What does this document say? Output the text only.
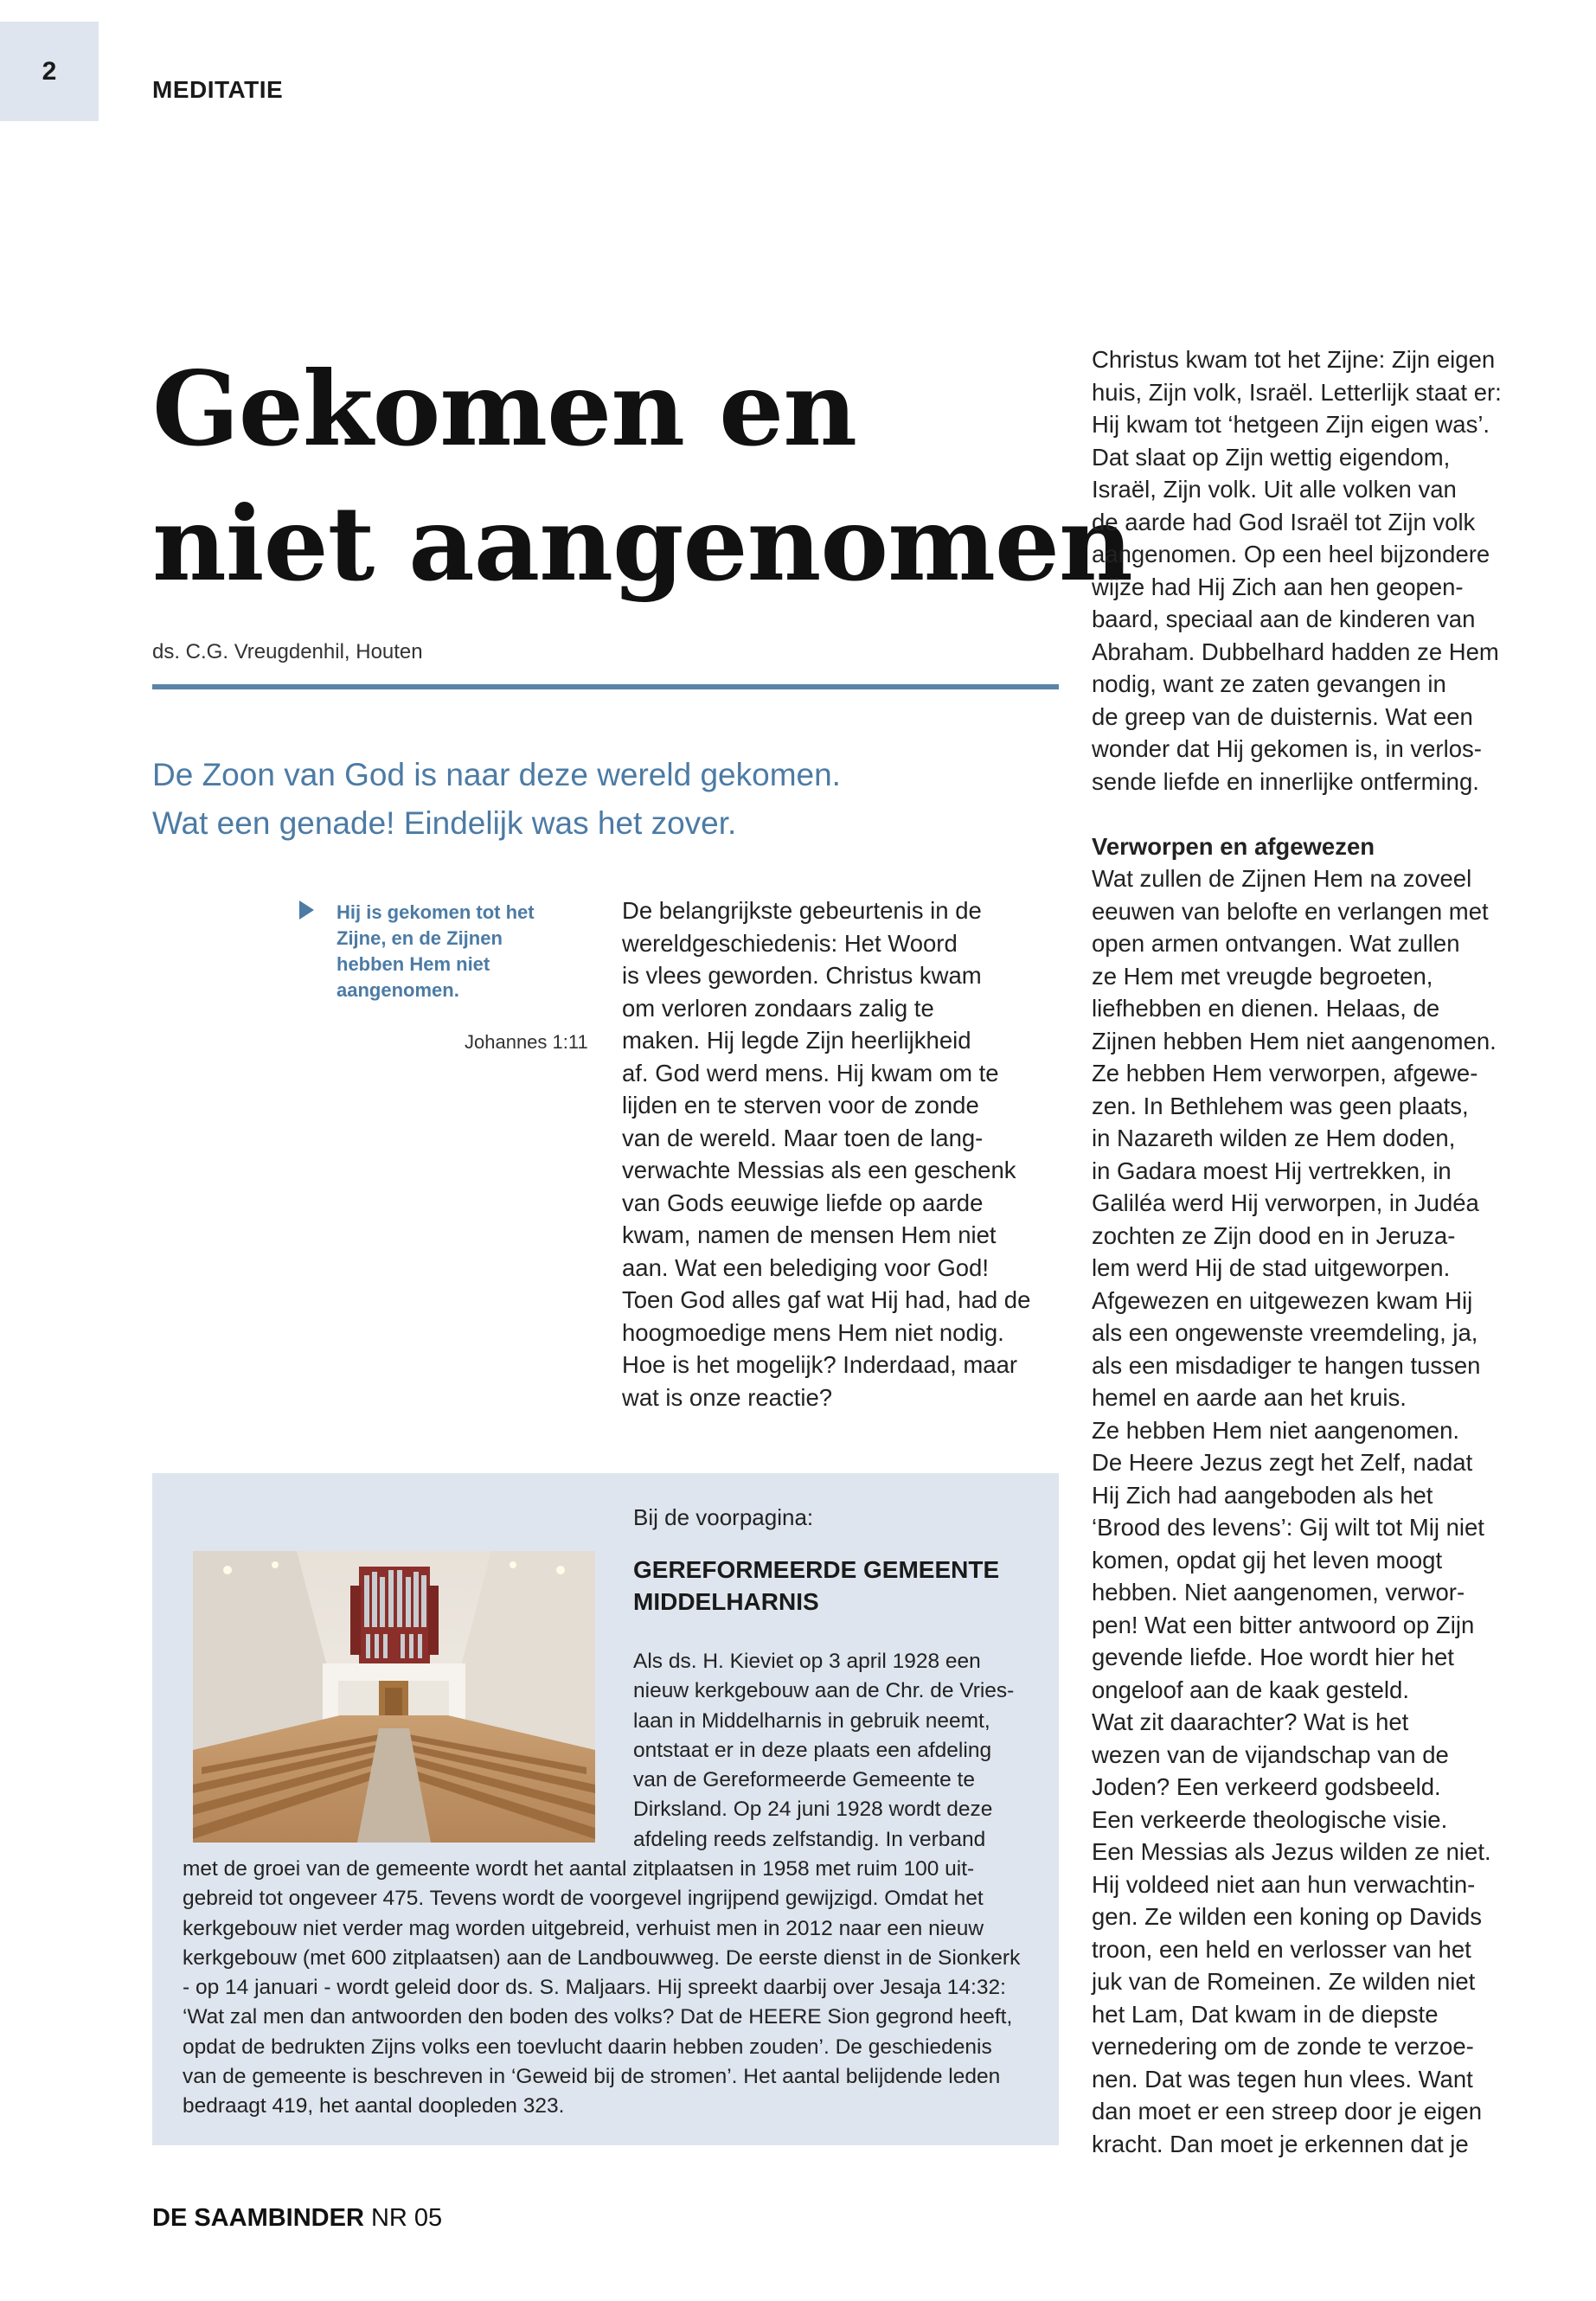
2
MEDITATIE
Gekomen en
niet aangenomen
ds. C.G. Vreugdenhil, Houten
De Zoon van God is naar deze wereld gekomen.
Wat een genade! Eindelijk was het zover.
Hij is gekomen tot het
Zijne, en de Zijnen
hebben Hem niet
aangenomen.
Johannes 1:11
De belangrijkste gebeurtenis in de
wereldgeschiedenis: Het Woord
is vlees geworden. Christus kwam
om verloren zondaars zalig te
maken. Hij legde Zijn heerlijkheid
af. God werd mens. Hij kwam om te
lijden en te sterven voor de zonde
van de wereld. Maar toen de lang-
verwachte Messias als een geschenk
van Gods eeuwige liefde op aarde
kwam, namen de mensen Hem niet
aan. Wat een belediging voor God!
Toen God alles gaf wat Hij had, had de
hoogmoedige mens Hem niet nodig.
Hoe is het mogelijk? Inderdaad, maar
wat is onze reactie?
Christus kwam tot het Zijne: Zijn eigen
huis, Zijn volk, Israël. Letterlijk staat er:
Hij kwam tot ‘hetgeen Zijn eigen was’.
Dat slaat op Zijn wettig eigendom,
Israël, Zijn volk. Uit alle volken van
de aarde had God Israël tot Zijn volk
aangenomen. Op een heel bijzondere
wijze had Hij Zich aan hen geopen-
baard, speciaal aan de kinderen van
Abraham. Dubbelhard hadden ze Hem
nodig, want ze zaten gevangen in
de greep van de duisternis. Wat een
wonder dat Hij gekomen is, in verlos-
sende liefde en innerlijke ontferming.
Verworpen en afgewezen
Wat zullen de Zijnen Hem na zoveel
eeuwen van belofte en verlangen met
open armen ontvangen. Wat zullen
ze Hem met vreugde begroeten,
liefhebben en dienen. Helaas, de
Zijnen hebben Hem niet aangenomen.
Ze hebben Hem verworpen, afgewe-
zen. In Bethlehem was geen plaats,
in Nazareth wilden ze Hem doden,
in Gadara moest Hij vertrekken, in
Galiléa werd Hij verworpen, in Judéa
zochten ze Zijn dood en in Jeruza-
lem werd Hij de stad uitgeworpen.
Afgewezen en uitgewezen kwam Hij
als een ongewenste vreemdeling, ja,
als een misdadiger te hangen tussen
hemel en aarde aan het kruis.
Ze hebben Hem niet aangenomen.
De Heere Jezus zegt het Zelf, nadat
Hij Zich had aangeboden als het
‘Brood des levens’: Gij wilt tot Mij niet
komen, opdat gij het leven moogt
hebben. Niet aangenomen, verwor-
pen! Wat een bitter antwoord op Zijn
gevende liefde. Hoe wordt hier het
ongeloof aan de kaak gesteld.
Wat zit daarachter? Wat is het
wezen van de vijandschap van de
Joden? Een verkeerd godsbeeld.
Een verkeerde theologische visie.
Een Messias als Jezus wilden ze niet.
Hij voldeed niet aan hun verwachtin-
gen. Ze wilden een koning op Davids
troon, een held en verlosser van het
juk van de Romeinen. Ze wilden niet
het Lam, Dat kwam in de diepste
vernedering om de zonde te verzoe-
nen. Dat was tegen hun vlees. Want
dan moet er een streep door je eigen
kracht. Dan moet je erkennen dat je
Bij de voorpagina:
GEREFORMEERDE GEMEENTE
MIDDELHARNIS
Als ds. H. Kieviet op 3 april 1928 een
nieuw kerkgebouw aan de Chr. de Vries-
laan in Middelharnis in gebruik neemt,
ontstaat er in deze plaats een afdeling
van de Gereformeerde Gemeente te
Dirksland. Op 24 juni 1928 wordt deze
afdeling reeds zelfstandig. In verband
met de groei van de gemeente wordt het aantal zitplaatsen in 1958 met ruim 100 uit-
gebreid tot ongeveer 475. Tevens wordt de voorgevel ingrijpend gewijzigd. Omdat het
kerkgebouw niet verder mag worden uitgebreid, verhuist men in 2012 naar een nieuw
kerkgebouw (met 600 zitplaatsen) aan de Landbouwweg. De eerste dienst in de Sionkerk
- op 14 januari - wordt geleid door ds. S. Maljaars. Hij spreekt daarbij over Jesaja 14:32:
‘Wat zal men dan antwoorden den boden des volks? Dat de HEERE Sion gegrond heeft,
opdat de bedrukten Zijns volks een toevlucht daarin hebben zouden’. De geschiedenis
van de gemeente is beschreven in ‘Geweid bij de stromen’. Het aantal belijdende leden
bedraagt 419, het aantal doopleden 323.
DE SAAMBINDER NR 05
